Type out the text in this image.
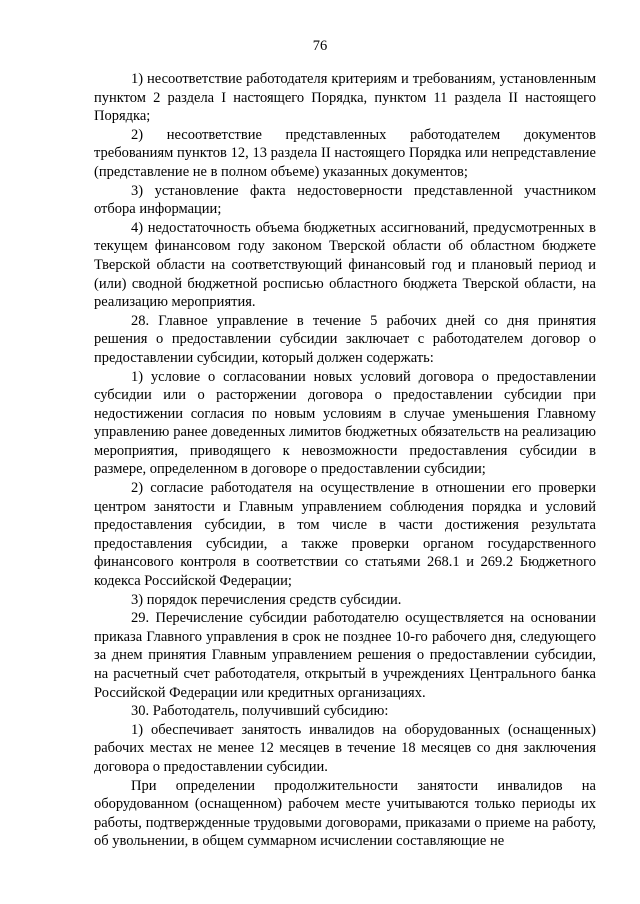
76

1) несоответствие работодателя критериям и требованиям, установленным пунктом 2 раздела I настоящего Порядка, пунктом 11 раздела II настоящего Порядка;

2) несоответствие представленных работодателем документов требованиям пунктов 12, 13 раздела II настоящего Порядка или непредставление (представление не в полном объеме) указанных документов;

3) установление факта недостоверности представленной участником отбора информации;

4) недостаточность объема бюджетных ассигнований, предусмотренных в текущем финансовом году законом Тверской области об областном бюджете Тверской области на соответствующий финансовый год и плановый период и (или) сводной бюджетной росписью областного бюджета Тверской области, на реализацию мероприятия.

28. Главное управление в течение 5 рабочих дней со дня принятия решения о предоставлении субсидии заключает с работодателем договор о предоставлении субсидии, который должен содержать:

1) условие о согласовании новых условий договора о предоставлении субсидии или о расторжении договора о предоставлении субсидии при недостижении согласия по новым условиям в случае уменьшения Главному управлению ранее доведенных лимитов бюджетных обязательств на реализацию мероприятия, приводящего к невозможности предоставления субсидии в размере, определенном в договоре о предоставлении субсидии;

2) согласие работодателя на осуществление в отношении его проверки центром занятости и Главным управлением соблюдения порядка и условий предоставления субсидии, в том числе в части достижения результата предоставления субсидии, а также проверки органом государственного финансового контроля в соответствии со статьями 268.1 и 269.2 Бюджетного кодекса Российской Федерации;

3) порядок перечисления средств субсидии.

29. Перечисление субсидии работодателю осуществляется на основании приказа Главного управления в срок не позднее 10-го рабочего дня, следующего за днем принятия Главным управлением решения о предоставлении субсидии, на расчетный счет работодателя, открытый в учреждениях Центрального банка Российской Федерации или кредитных организациях.

30. Работодатель, получивший субсидию:

1) обеспечивает занятость инвалидов на оборудованных (оснащенных) рабочих местах не менее 12 месяцев в течение 18 месяцев со дня заключения договора о предоставлении субсидии.

При определении продолжительности занятости инвалидов на оборудованном (оснащенном) рабочем месте учитываются только периоды их работы, подтвержденные трудовыми договорами, приказами о приеме на работу, об увольнении, в общем суммарном исчислении составляющие не
